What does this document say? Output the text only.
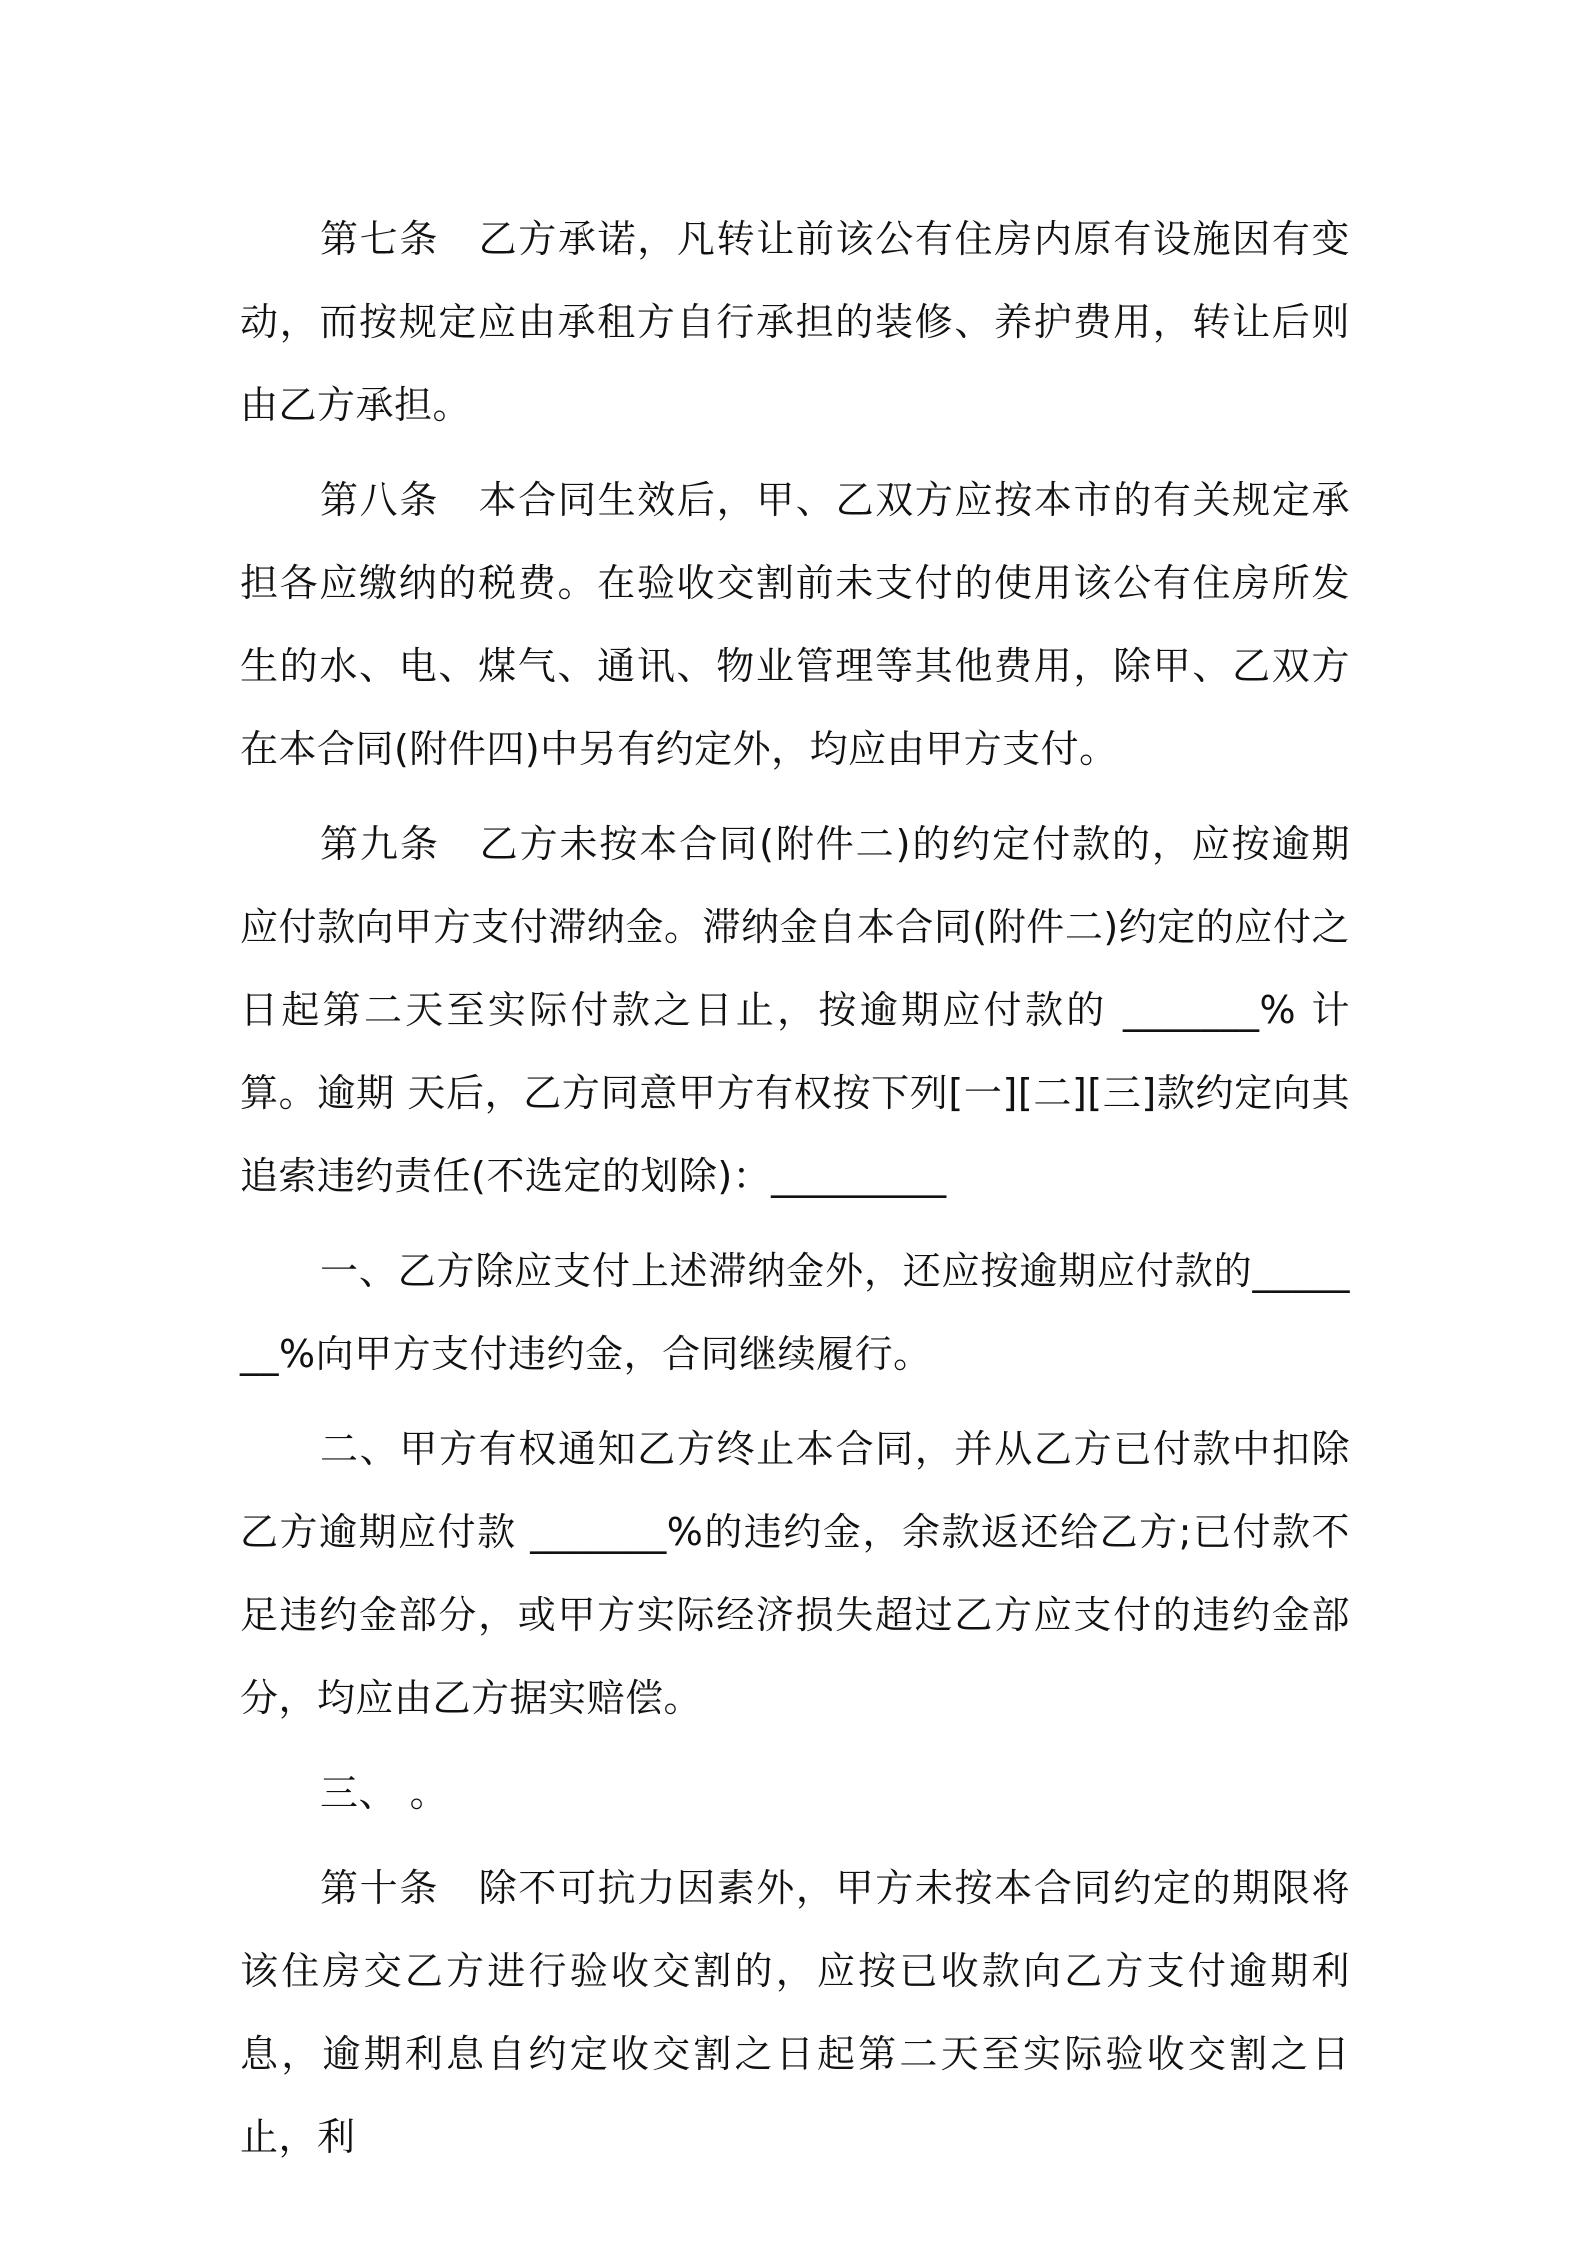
第七条　乙方承诺，凡转让前该公有住房内原有设施因有变动，而按规定应由承租方自行承担的装修、养护费用，转让后则由乙方承担。

第八条　本合同生效后，甲、乙双方应按本市的有关规定承担各应缴纳的税费。在验收交割前未支付的使用该公有住房所发生的水、电、煤气、通讯、物业管理等其他费用，除甲、乙双方在本合同(附件四)中另有约定外，均应由甲方支付。

第九条　乙方未按本合同(附件二)的约定付款的，应按逾期应付款向甲方支付滞纳金。滞纳金自本合同(附件二)约定的应付之日起第二天至实际付款之日止，按逾期应付款的 _______% 计算。逾期 天后，乙方同意甲方有权按下列[一][二][三]款约定向其追索违约责任(不选定的划除)：_________

一、乙方除应支付上述滞纳金外，还应按逾期应付款的_______%向甲方支付违约金，合同继续履行。

二、甲方有权通知乙方终止本合同，并从乙方已付款中扣除乙方逾期应付款 _______%的违约金，余款返还给乙方;已付款不足违约金部分，或甲方实际经济损失超过乙方应支付的违约金部分，均应由乙方据实赔偿。

三、 。

第十条　除不可抗力因素外，甲方未按本合同约定的期限将该住房交乙方进行验收交割的，应按已收款向乙方支付逾期利息，逾期利息自约定收交割之日起第二天至实际验收交割之日止，利
